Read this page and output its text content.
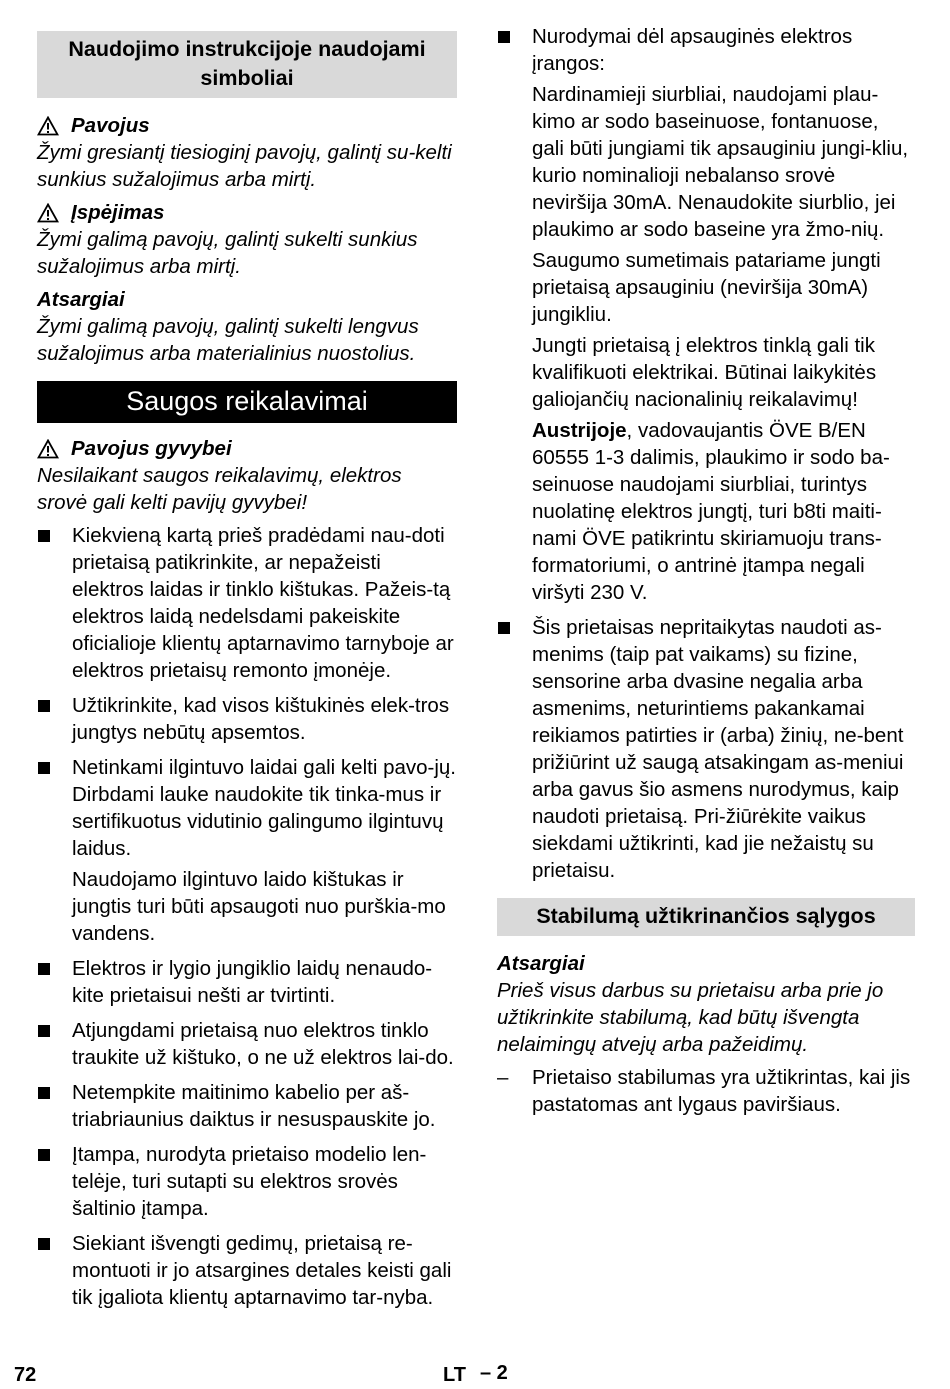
Naudojimo instrukcijoje naudojami simboliai
Pavojus

Žymi gresiantį tiesioginį pavojų, galintį su-kelti sunkius sužalojimus arba mirtį.

Įspėjimas

Žymi galimą pavojų, galintį sukelti sunkius sužalojimus arba mirtį.

Atsargiai

Žymi galimą pavojų, galintį sukelti lengvus sužalojimus arba materialinius nuostolius.

Saugos reikalavimai
Pavojus gyvybei

Nesilaikant saugos reikalavimų, elektros srovė gali kelti pavijų gyvybei!

Kiekvieną kartą prieš pradėdami nau-doti prietaisą patikrinkite, ar nepažeisti elektros laidas ir tinklo kištukas. Pažeis-tą elektros laidą nedelsdami pakeiskite oficialioje klientų aptarnavimo tarnyboje ar elektros prietaisų remonto įmonėje.

Užtikrinkite, kad visos kištukinės elek-tros jungtys nebūtų apsemtos.

Netinkami ilgintuvo laidai gali kelti pavo-jų. Dirbdami lauke naudokite tik tinka-mus ir sertifikuotus vidutinio galingumo ilgintuvų laidus.

Naudojamo ilgintuvo laido kištukas ir jungtis turi būti apsaugoti nuo purškia-mo vandens.

Elektros ir lygio jungiklio laidų nenaudo-kite prietaisui nešti ar tvirtinti.

Atjungdami prietaisą nuo elektros tinklo traukite už kištuko, o ne už elektros lai-do.

Netempkite maitinimo kabelio per aš-triabriaunius daiktus ir nesuspauskite jo.

Įtampa, nurodyta prietaiso modelio len-telėje, turi sutapti su elektros srovės šaltinio įtampa.

Siekiant išvengti gedimų, prietaisą re-montuoti ir jo atsargines detales keisti gali tik įgaliota klientų aptarnavimo tar-nyba.

Nurodymai dėl apsauginės elektros įrangos:

Nardinamieji siurbliai, naudojami plau-kimo ar sodo baseinuose, fontanuose, gali būti jungiami tik apsauginiu jungi-kliu, kurio nominalioji nebalanso srovė neviršija 30mA. Nenaudokite siurblio, jei plaukimo ar sodo baseine yra žmo-nių.

Saugumo sumetimais patariame jungti prietaisą apsauginiu (neviršija 30mA) jungikliu.

Jungti prietaisą į elektros tinklą gali tik kvalifikuoti elektrikai. Būtinai laikykitės galiojančių nacionalinių reikalavimų!

Austrijoje, vadovaujantis ÖVE B/EN 60555 1-3 dalimis, plaukimo ir sodo ba-seinuose naudojami siurbliai, turintys nuolatinę elektros jungtį, turi b8ti maiti-nami ÖVE patikrintu skiriamuoju trans-formatoriumi, o antrinė įtampa negali viršyti 230 V.

Šis prietaisas nepritaikytas naudoti as-menims (taip pat vaikams) su fizine, sensorine arba dvasine negalia arba asmenims, neturintiems pakankamai reikiamos patirties ir (arba) žinių, ne-bent prižiūrint už saugą atsakingam as-meniui arba gavus šio asmens nurodymus, kaip naudoti prietaisą. Pri-žiūrėkite vaikus siekdami užtikrinti, kad jie nežaistų su prietaisu.

Stabilumą užtikrinančios sąlygos
Atsargiai

Prieš visus darbus su prietaisu arba prie jo užtikrinkite stabilumą, kad būtų išvengta nelaimingų atvejų arba pažeidimų.

–	Prietaiso stabilumas yra užtikrintas, kai jis pastatomas ant lygaus paviršiaus.
72	LT – 2
